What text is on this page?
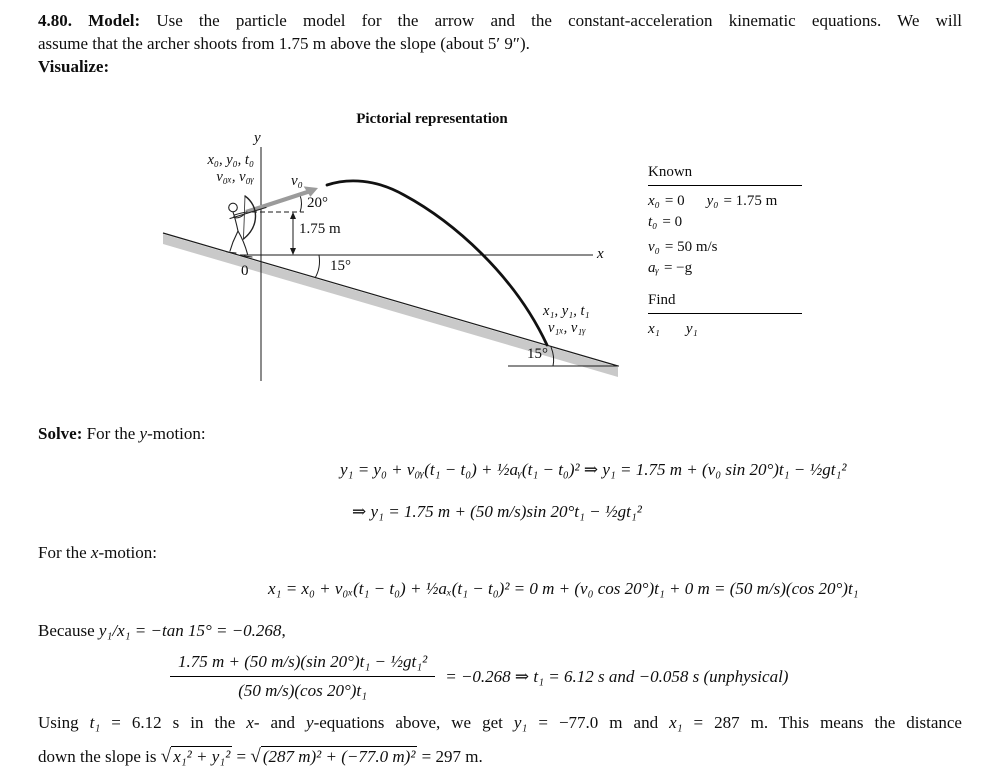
4.80. Model: Use the particle model for the arrow and the constant-acceleration kinematic equations. We will
assume that the archer shoots from 1.75 m above the slope (about 5′ 9″).
Visualize:
Pictorial representation
y
x
0
x₀, y₀, t₀
v₀ₓ, v₀ᵧ v₀
20°
1.75 m
15°
15°
x₁, y₁, t₁
v₁ₓ, v₁ᵧ
Known
x₀ = 0 y₀ = 1.75 m
t₀ = 0
v₀ = 50 m/s
aᵧ = −g
Find
x₁ y₁
Solve: For the y-motion:
y₁ = y₀ + v₀ᵧ(t₁ − t₀) + ½aᵧ(t₁ − t₀)² ⇒ y₁ = 1.75 m + (v₀ sin 20°)t₁ − ½gt₁²
⇒ y₁ = 1.75 m + (50 m/s)sin 20°t₁ − ½gt₁²
For the x-motion:
x₁ = x₀ + v₀ₓ(t₁ − t₀) + ½aₓ(t₁ − t₀)² = 0 m + (v₀ cos 20°)t₁ + 0 m = (50 m/s)(cos 20°)t₁
Because y₁/x₁ = −tan 15° = −0.268,
$\frac{\text{1.75 m + (50 m/s)(sin 20°)t₁ − ½gt₁²}}{\text{(50 m/s)(cos 20°)t₁}} = -0.268$ ⇒ t₁ = 6.12 s and −0.058 s (unphysical)
Using t₁ = 6.12 s in the x- and y-equations above, we get y₁ = −77.0 m and x₁ = 287 m. This means the distance
down the slope is √ x₁² + y₁² = √ (287 m)² + (−77.0 m)² = 297 m.
